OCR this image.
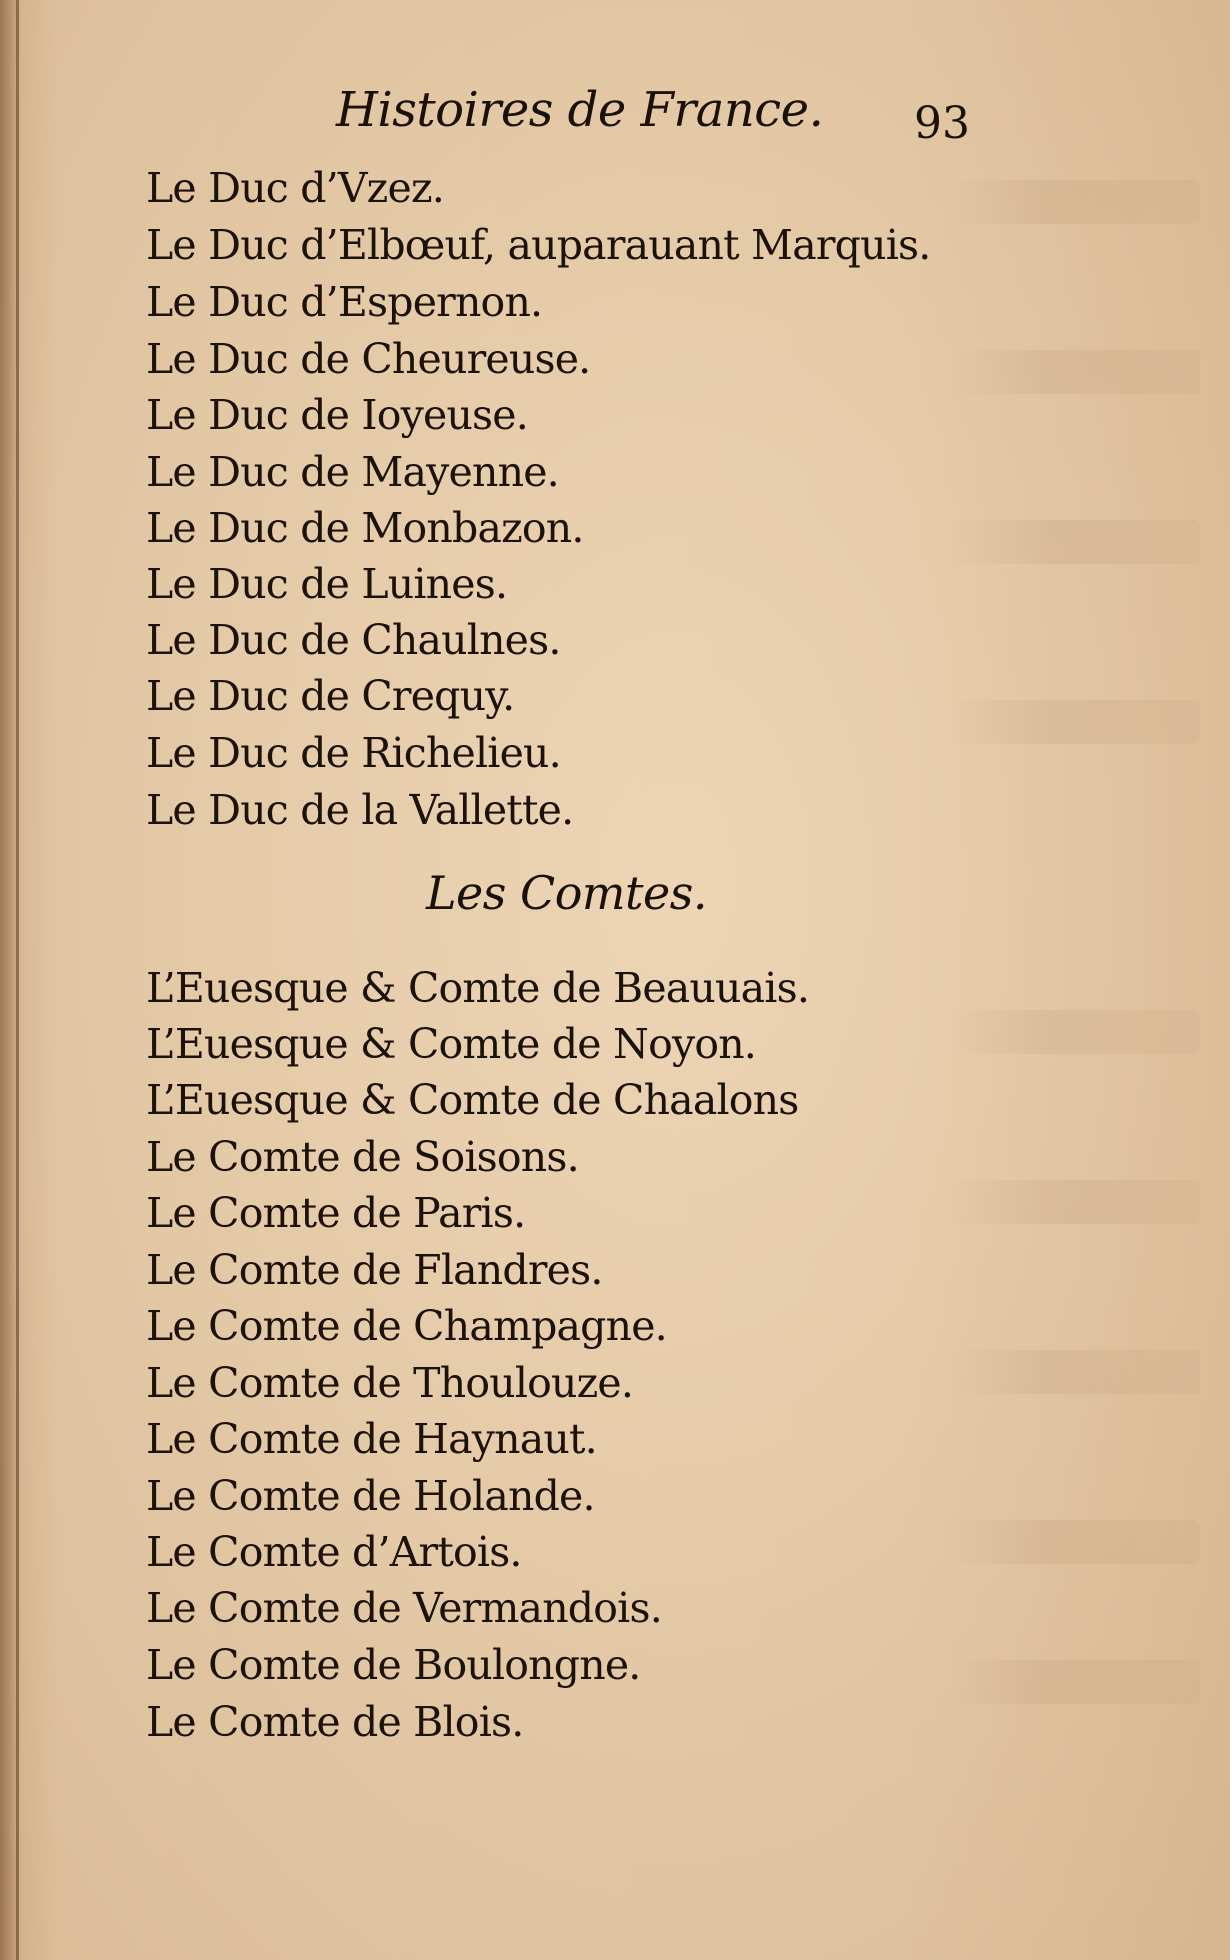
Histoires de France. 93
Le Duc d’Vzez.
Le Duc d’Elbœuf, auparauant Marquis.
Le Duc d’Espernon.
Le Duc de Cheureuse.
Le Duc de Ioyeuse.
Le Duc de Mayenne.
Le Duc de Monbazon.
Le Duc de Luines.
Le Duc de Chaulnes.
Le Duc de Crequy.
Le Duc de Richelieu.
Le Duc de la Vallette.
Les Comtes.
L’Euesque & Comte de Beauuais.
L’Euesque & Comte de Noyon.
L’Euesque & Comte de Chaalons
Le Comte de Soisons.
Le Comte de Paris.
Le Comte de Flandres.
Le Comte de Champagne.
Le Comte de Thoulouze.
Le Comte de Haynaut.
Le Comte de Holande.
Le Comte d’Artois.
Le Comte de Vermandois.
Le Comte de Boulongne.
Le Comte de Blois.
